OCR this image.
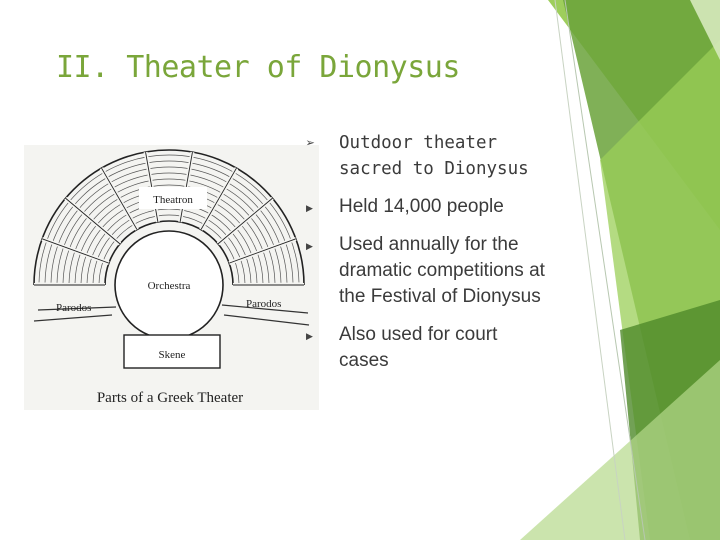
II. Theater of Dionysus
Theatron
Orchestra
Parodos	Parodos
Skene
Parts of a Greek Theater
➢ Outdoor theater sacred to Dionysus
▶ Held 14,000 people
▶ Used annually for the dramatic competitions at the Festival of Dionysus
▶ Also used for court cases
